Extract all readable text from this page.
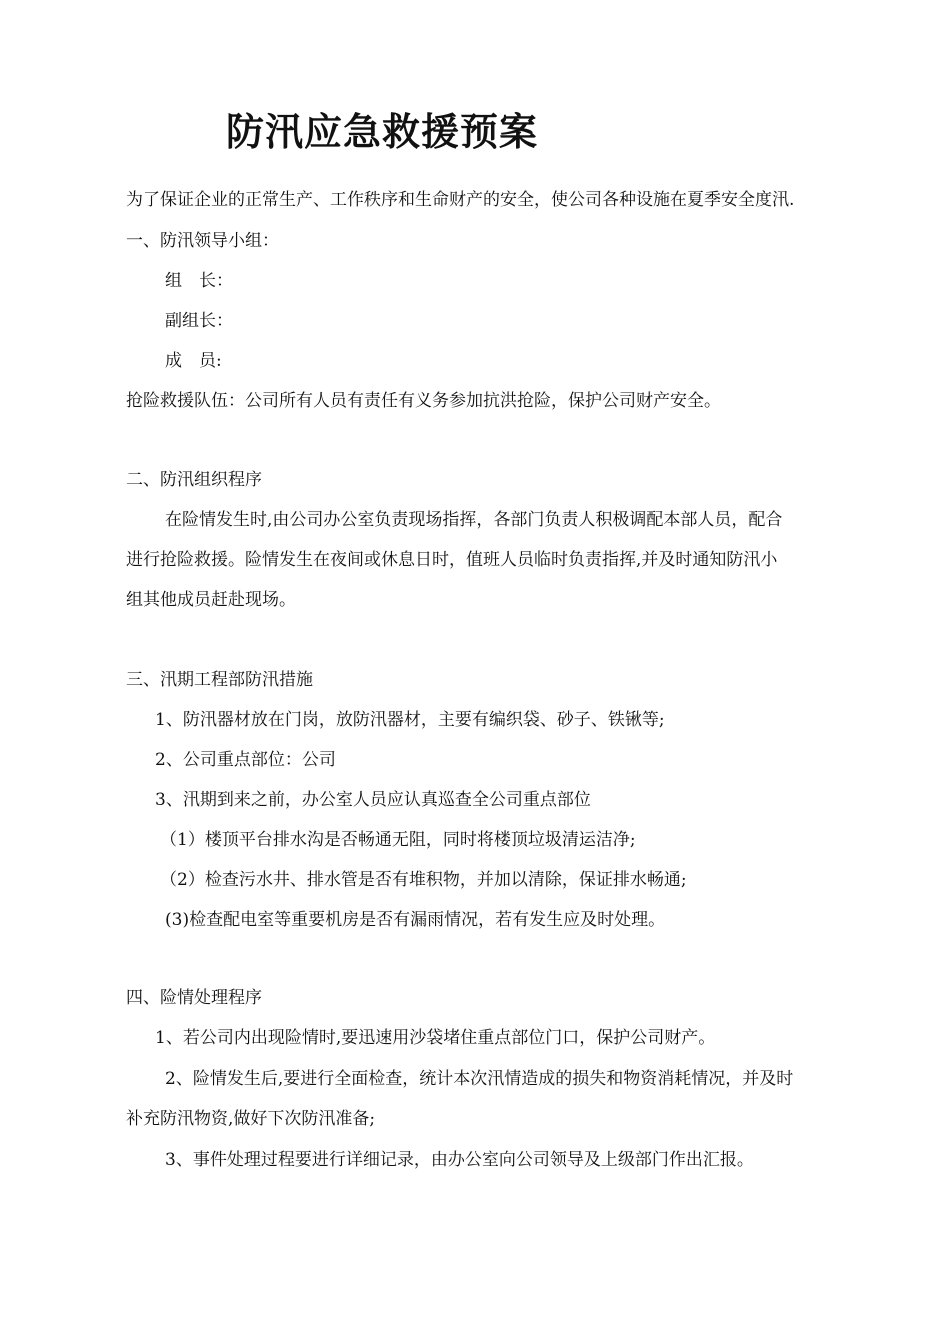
防汛应急救援预案
为了保证企业的正常生产、工作秩序和生命财产的安全，使公司各种设施在夏季安全度汛.
一、防汛领导小组：
组　长：
副组长：
成　员:
抢险救援队伍：公司所有人员有责任有义务参加抗洪抢险，保护公司财产安全。
二、防汛组织程序
在险情发生时,由公司办公室负责现场指挥，各部门负责人积极调配本部人员，配合
进行抢险救援。险情发生在夜间或休息日时，值班人员临时负责指挥,并及时通知防汛小
组其他成员赶赴现场。
三、汛期工程部防汛措施
1、防汛器材放在门岗，放防汛器材，主要有编织袋、砂子、铁锹等;
2、公司重点部位：公司
3、汛期到来之前，办公室人员应认真巡查全公司重点部位
（1）楼顶平台排水沟是否畅通无阻，同时将楼顶垃圾清运洁净;
（2）检查污水井、排水管是否有堆积物，并加以清除，保证排水畅通;
(3)检查配电室等重要机房是否有漏雨情况，若有发生应及时处理。
四、险情处理程序
1、若公司内出现险情时,要迅速用沙袋堵住重点部位门口，保护公司财产。
2、险情发生后,要进行全面检查，统计本次汛情造成的损失和物资消耗情况，并及时
补充防汛物资,做好下次防汛准备;
3、事件处理过程要进行详细记录，由办公室向公司领导及上级部门作出汇报。
